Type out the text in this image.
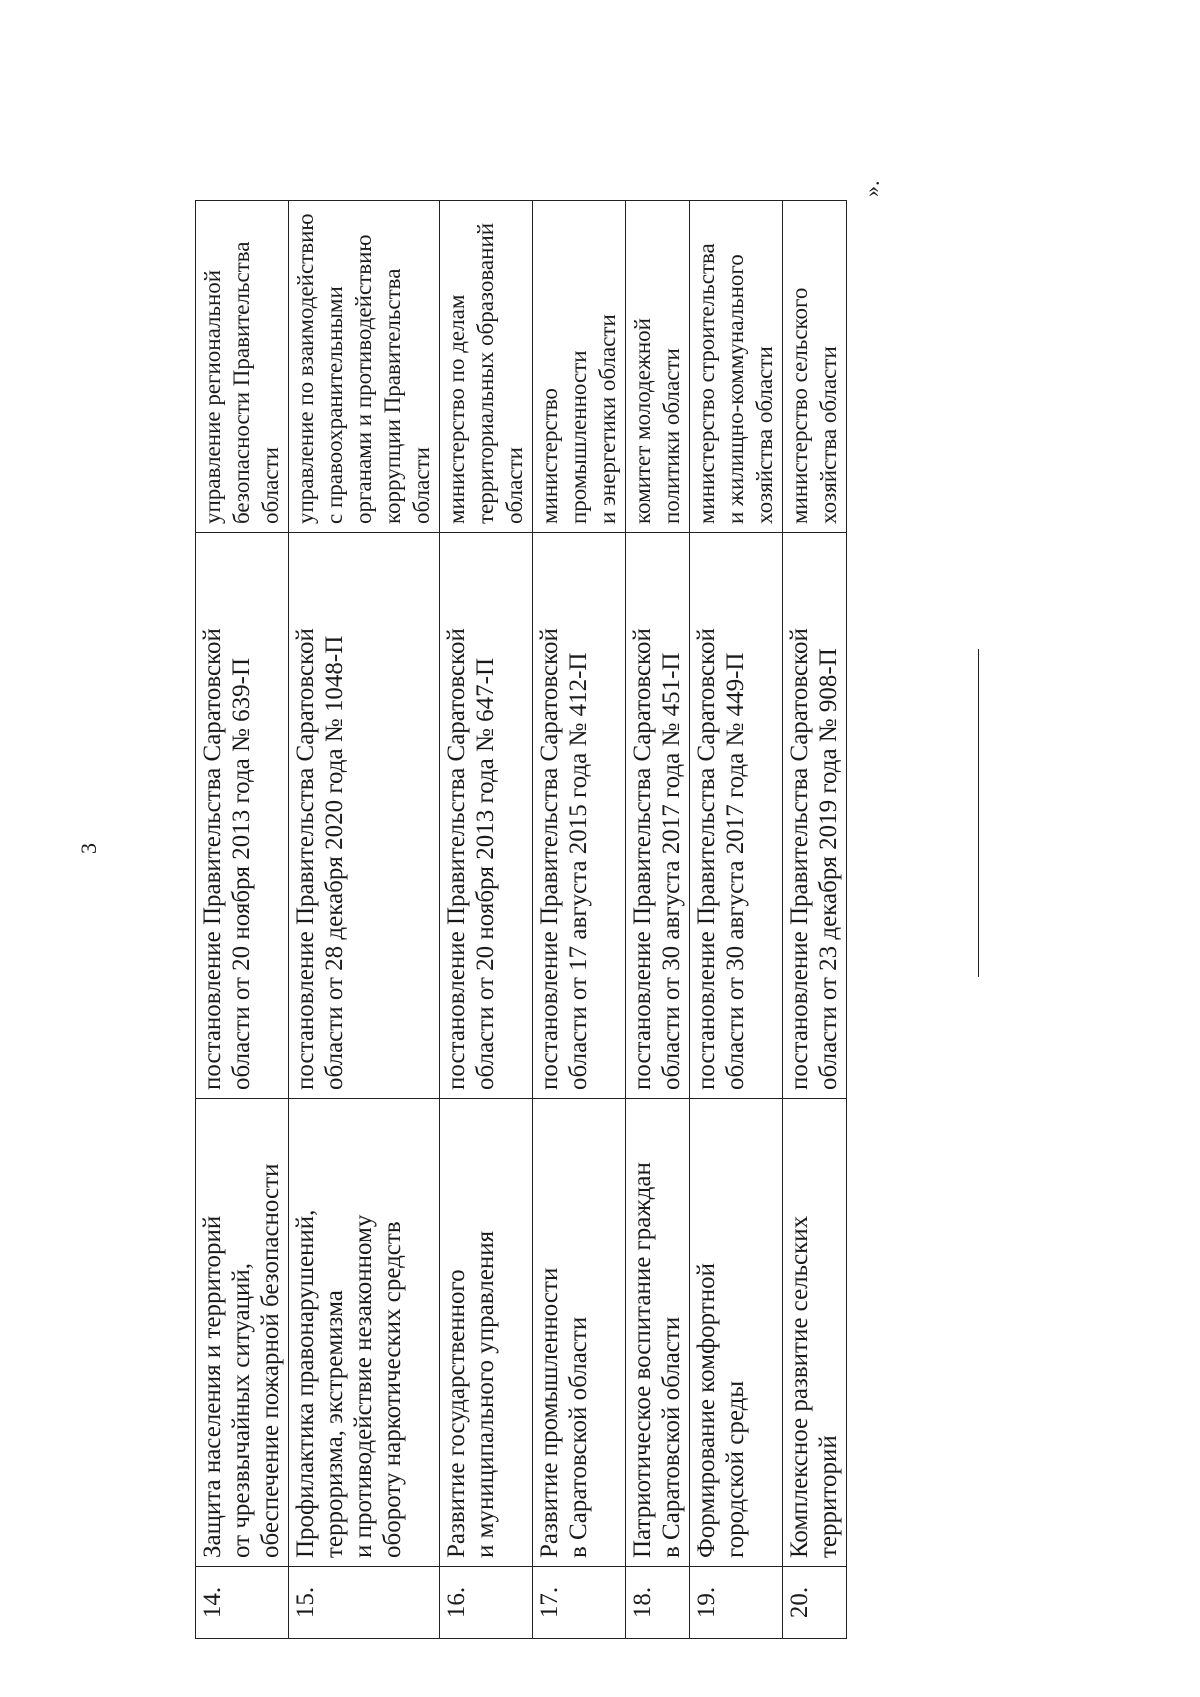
3
14.	Защита населения и территорий от чрезвычайных ситуаций, обеспечение пожарной безопасности	постановление Правительства Саратовской области от 20 ноября 2013 года № 639-П	управление региональной безопасности Правительства области

15.	Профилактика правонарушений, терроризма, экстремизма и противодействие незаконному обороту наркотических средств	постановление Правительства Саратовской области от 28 декабря 2020 года № 1048-П	управление по взаимодействию с правоохранительными органами и противодействию коррупции Правительства области

16.	Развитие государственного и муниципального управления	постановление Правительства Саратовской области от 20 ноября 2013 года № 647-П	министерство по делам территориальных образований области

17.	Развитие промышленности в Саратовской области	постановление Правительства Саратовской области от 17 августа 2015 года № 412-П	министерство промышленности и энергетики области

18.	Патриотическое воспитание граждан в Саратовской области	постановление Правительства Саратовской области от 30 августа 2017 года № 451-П	комитет молодежной политики области

19.	Формирование комфортной городской среды	постановление Правительства Саратовской области от 30 августа 2017 года № 449-П	министерство строительства и жилищно-коммунального хозяйства области

20.	Комплексное развитие сельских территорий	постановление Правительства Саратовской области от 23 декабря 2019 года № 908-П	министерство сельского хозяйства области
».
